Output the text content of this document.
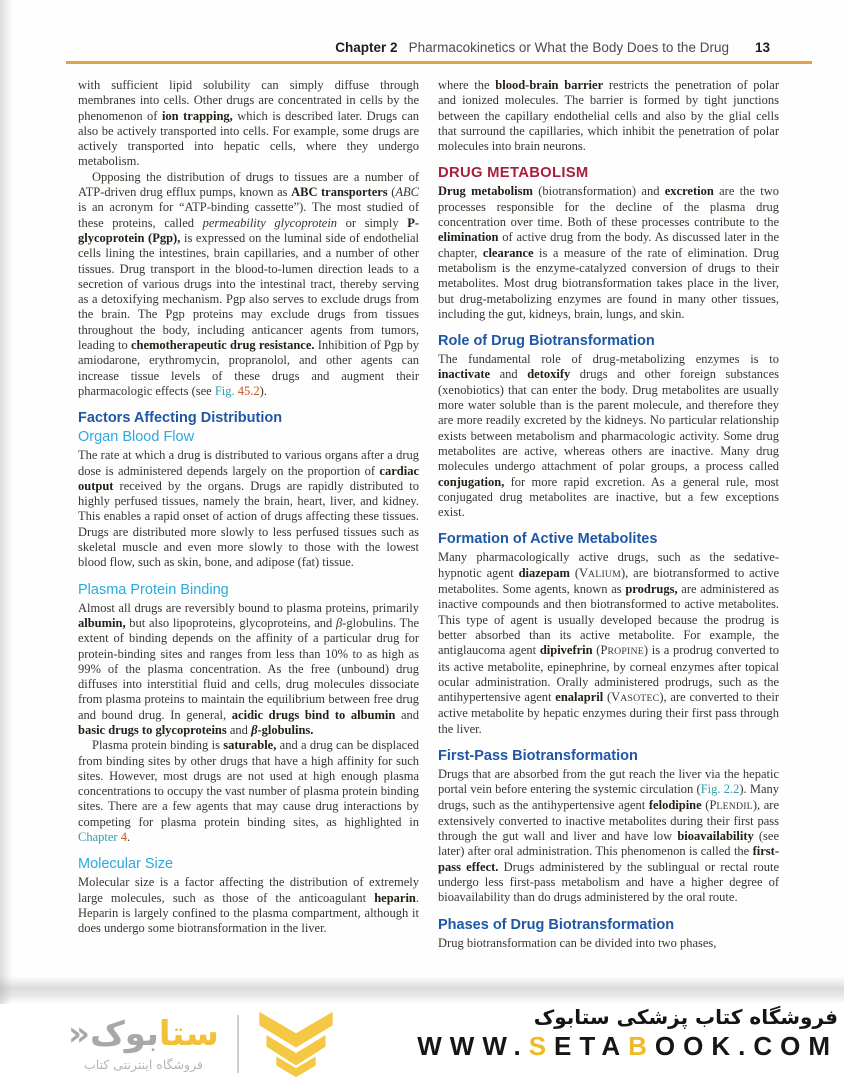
Chapter 2 Pharmacokinetics or What the Body Does to the Drug 13

with sufficient lipid solubility can simply diffuse through membranes into cells. Other drugs are concentrated in cells by the phenomenon of ion trapping, which is described later. Drugs can also be actively transported into cells. For example, some drugs are actively transported into hepatic cells, where they undergo metabolism.

Opposing the distribution of drugs to tissues are a number of ATP-driven drug efflux pumps, known as ABC transporters (ABC is an acronym for “ATP-binding cassette”). The most studied of these proteins, called permeability glycoprotein or simply P-glycoprotein (Pgp), is expressed on the luminal side of endothelial cells lining the intestines, brain capillaries, and a number of other tissues. Drug transport in the blood-to-lumen direction leads to a secretion of various drugs into the intestinal tract, thereby serving as a detoxifying mechanism. Pgp also serves to exclude drugs from the brain. The Pgp proteins may exclude drugs from tissues throughout the body, including anticancer agents from tumors, leading to chemotherapeutic drug resistance. Inhibition of Pgp by amiodarone, erythromycin, propranolol, and other agents can increase tissue levels of these drugs and augment their pharmacologic effects (see Fig. 45.2).

Factors Affecting Distribution
Organ Blood Flow

The rate at which a drug is distributed to various organs after a drug dose is administered depends largely on the proportion of cardiac output received by the organs. Drugs are rapidly distributed to highly perfused tissues, namely the brain, heart, liver, and kidney. This enables a rapid onset of action of drugs affecting these tissues. Drugs are distributed more slowly to less perfused tissues such as skeletal muscle and even more slowly to those with the lowest blood flow, such as skin, bone, and adipose (fat) tissue.

Plasma Protein Binding

Almost all drugs are reversibly bound to plasma proteins, primarily albumin, but also lipoproteins, glycoproteins, and β-globulins. The extent of binding depends on the affinity of a particular drug for protein-binding sites and ranges from less than 10% to as high as 99% of the plasma concentration. As the free (unbound) drug diffuses into interstitial fluid and cells, drug molecules dissociate from plasma proteins to maintain the equilibrium between free drug and bound drug. In general, acidic drugs bind to albumin and basic drugs to glycoproteins and β-globulins.

Plasma protein binding is saturable, and a drug can be displaced from binding sites by other drugs that have a high affinity for such sites. However, most drugs are not used at high enough plasma concentrations to occupy the vast number of plasma protein binding sites. There are a few agents that may cause drug interactions by competing for plasma protein binding sites, as highlighted in Chapter 4.

Molecular Size

Molecular size is a factor affecting the distribution of extremely large molecules, such as those of the anticoagulant heparin. Heparin is largely confined to the plasma compartment, although it does undergo some biotransformation in the liver.

where the blood-brain barrier restricts the penetration of polar and ionized molecules. The barrier is formed by tight junctions between the capillary endothelial cells and also by the glial cells that surround the capillaries, which inhibit the penetration of polar molecules into brain neurons.

DRUG METABOLISM

Drug metabolism (biotransformation) and excretion are the two processes responsible for the decline of the plasma drug concentration over time. Both of these processes contribute to the elimination of active drug from the body. As discussed later in the chapter, clearance is a measure of the rate of elimination. Drug metabolism is the enzyme-catalyzed conversion of drugs to their metabolites. Most drug biotransformation takes place in the liver, but drug-metabolizing enzymes are found in many other tissues, including the gut, kidneys, brain, lungs, and skin.

Role of Drug Biotransformation

The fundamental role of drug-metabolizing enzymes is to inactivate and detoxify drugs and other foreign substances (xenobiotics) that can enter the body. Drug metabolites are usually more water soluble than is the parent molecule, and therefore they are more readily excreted by the kidneys. No particular relationship exists between metabolism and pharmacologic activity. Some drug metabolites are active, whereas others are inactive. Many drug molecules undergo attachment of polar groups, a process called conjugation, for more rapid excretion. As a general rule, most conjugated drug metabolites are inactive, but a few exceptions exist.

Formation of Active Metabolites

Many pharmacologically active drugs, such as the sedative-hypnotic agent diazepam (VALIUM), are biotransformed to active metabolites. Some agents, known as prodrugs, are administered as inactive compounds and then biotransformed to active metabolites. This type of agent is usually developed because the prodrug is better absorbed than its active metabolite. For example, the antiglaucoma agent dipivefrin (PROPINE) is a prodrug converted to its active metabolite, epinephrine, by corneal enzymes after topical ocular administration. Orally administered prodrugs, such as the antihypertensive agent enalapril (VASOTEC), are converted to their active metabolite by hepatic enzymes during their first pass through the liver.

First-Pass Biotransformation

Drugs that are absorbed from the gut reach the liver via the hepatic portal vein before entering the systemic circulation (Fig. 2.2). Many drugs, such as the antihypertensive agent felodipine (PLENDIL), are extensively converted to inactive metabolites during their first pass through the gut wall and liver and have low bioavailability (see later) after oral administration. This phenomenon is called the first-pass effect. Drugs administered by the sublingual or rectal route undergo less first-pass metabolism and have a higher degree of bioavailability than do drugs administered by the oral route.

Phases of Drug Biotransformation

Drug biotransformation can be divided into two phases,

ستابوک«
فروشگاه اینترنتی کتاب
فروشگاه کتاب پزشکی ستابوک
WWW.SETABOOK.COM
